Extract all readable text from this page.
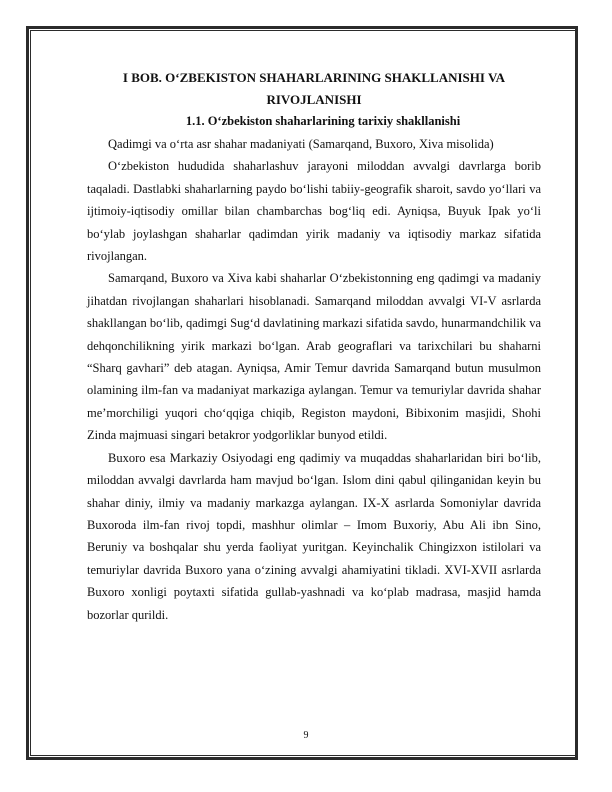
I BOB. O‘ZBEKISTON SHAHARLARINING SHAKLLANISHI VA RIVOJLANISHI

1.1. O‘zbekiston shaharlarining tarixiy shakllanishi

Qadimgi va o‘rta asr shahar madaniyati (Samarqand, Buxoro, Xiva misolida)

O‘zbekiston hududida shaharlashuv jarayoni miloddan avvalgi davrlarga borib taqaladi. Dastlabki shaharlarning paydo bo‘lishi tabiiy-geografik sharoit, savdo yo‘llari va ijtimoiy-iqtisodiy omillar bilan chambarchas bog‘liq edi. Ayniqsa, Buyuk Ipak yo‘li bo‘ylab joylashgan shaharlar qadimdan yirik madaniy va iqtisodiy markaz sifatida rivojlangan.

Samarqand, Buxoro va Xiva kabi shaharlar O‘zbekistonning eng qadimgi va madaniy jihatdan rivojlangan shaharlari hisoblanadi. Samarqand miloddan avvalgi VI-V asrlarda shakllangan bo‘lib, qadimgi Sug‘d davlatining markazi sifatida savdo, hunarmandchilik va dehqonchilikning yirik markazi bo‘lgan. Arab geograflari va tarixchilari bu shaharni “Sharq gavhari” deb atagan. Ayniqsa, Amir Temur davrida Samarqand butun musulmon olamining ilm-fan va madaniyat markaziga aylangan. Temur va temuriylar davrida shahar me’morchiligi yuqori cho‘qqiga chiqib, Registon maydoni, Bibixonim masjidi, Shohi Zinda majmuasi singari betakror yodgorliklar bunyod etildi.

Buxoro esa Markaziy Osiyodagi eng qadimiy va muqaddas shaharlaridan biri bo‘lib, miloddan avvalgi davrlarda ham mavjud bo‘lgan. Islom dini qabul qilinganidan keyin bu shahar diniy, ilmiy va madaniy markazga aylangan. IX-X asrlarda Somoniylar davrida Buxoroda ilm-fan rivoj topdi, mashhur olimlar – Imom Buxoriy, Abu Ali ibn Sino, Beruniy va boshqalar shu yerda faoliyat yuritgan. Keyinchalik Chingizxon istilolari va temuriylar davrida Buxoro yana o‘zining avvalgi ahamiyatini tikladi. XVI-XVII asrlarda Buxoro xonligi poytaxti sifatida gullab-yashnadi va ko‘plab madrasa, masjid hamda bozorlar qurildi.

9
